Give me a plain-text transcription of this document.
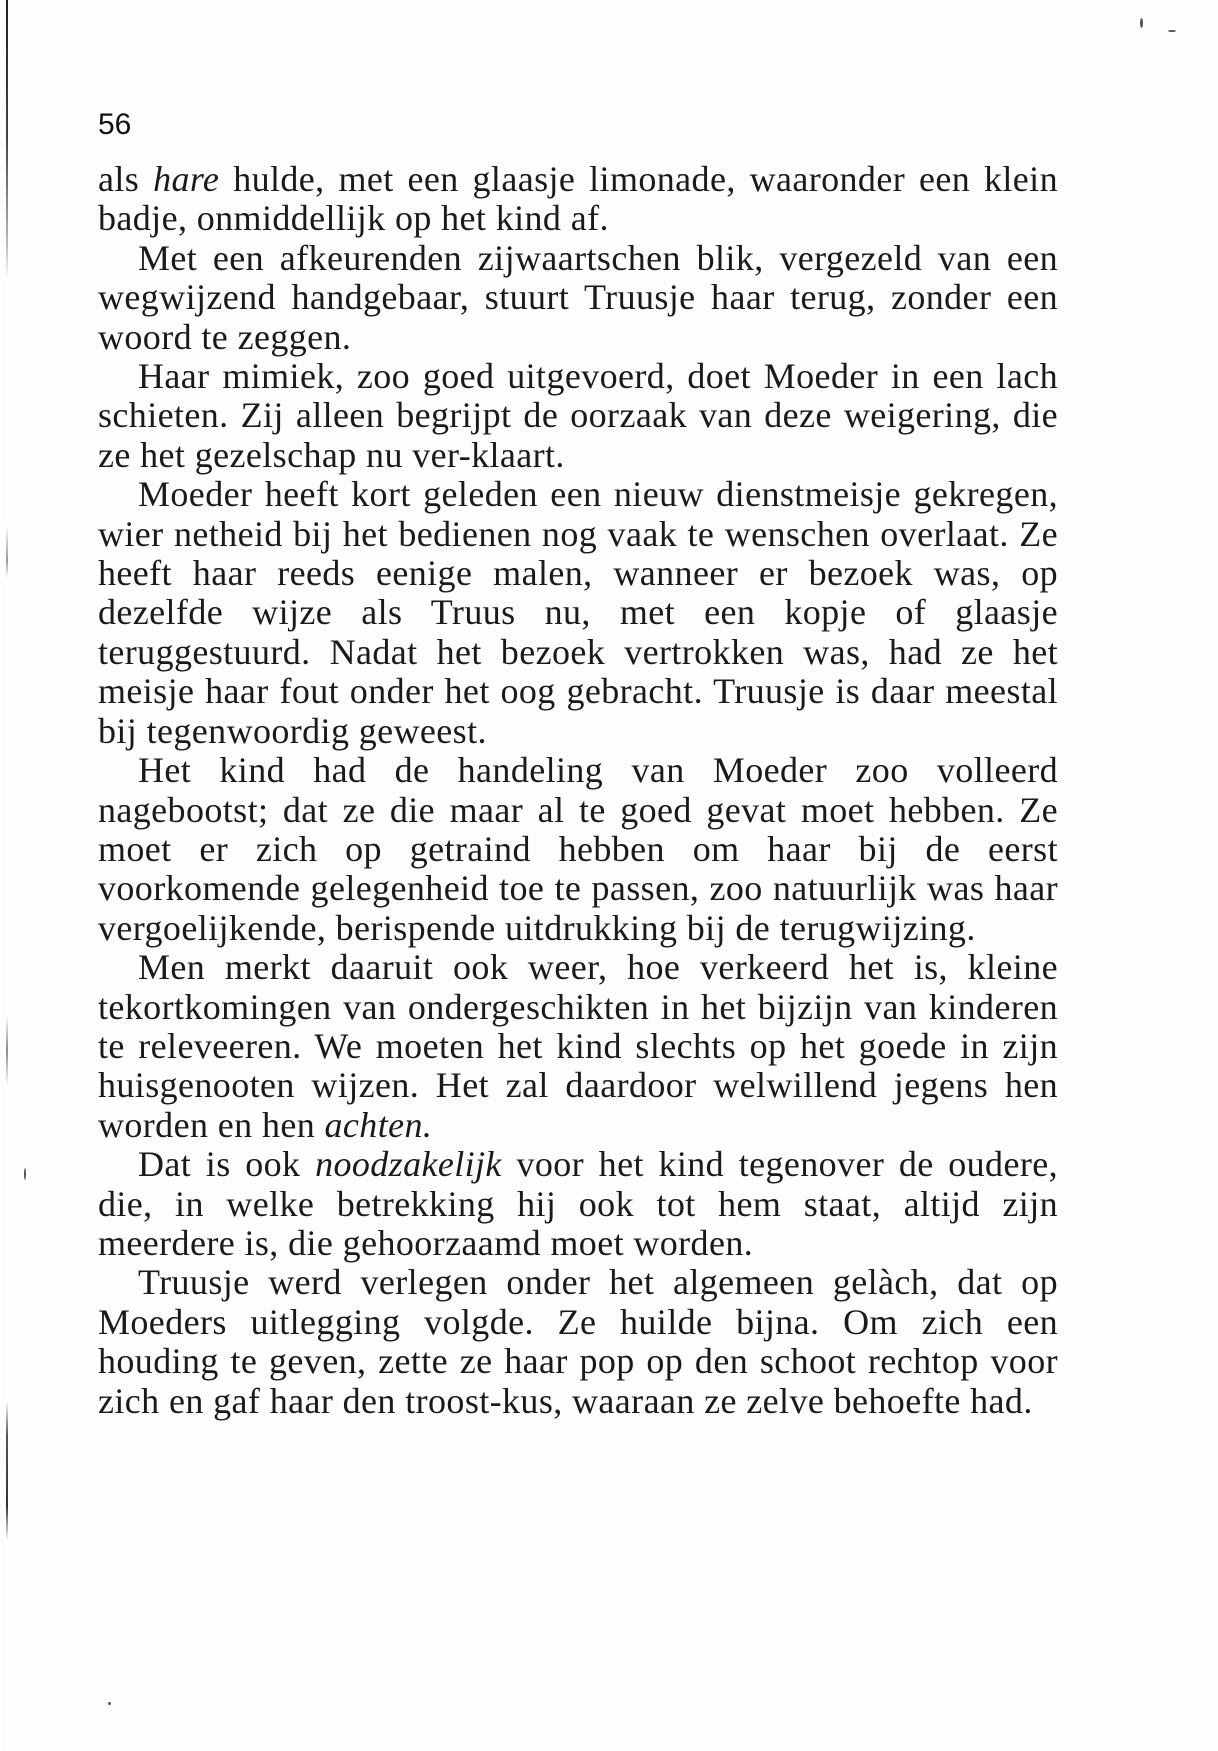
56

als hare hulde, met een glaasje limonade, waaronder een klein badje, onmiddellijk op het kind af.

Met een afkeurenden zijwaartschen blik, vergezeld van een wegwijzend handgebaar, stuurt Truusje haar terug, zonder een woord te zeggen.

Haar mimiek, zoo goed uitgevoerd, doet Moeder in een lach schieten. Zij alleen begrijpt de oorzaak van deze weigering, die ze het gezelschap nu ver-klaart.

Moeder heeft kort geleden een nieuw dienstmeisje gekregen, wier netheid bij het bedienen nog vaak te wenschen overlaat. Ze heeft haar reeds eenige malen, wanneer er bezoek was, op dezelfde wijze als Truus nu, met een kopje of glaasje teruggestuurd. Nadat het bezoek vertrokken was, had ze het meisje haar fout onder het oog gebracht. Truusje is daar meestal bij tegenwoordig geweest.

Het kind had de handeling van Moeder zoo volleerd nagebootst; dat ze die maar al te goed gevat moet hebben. Ze moet er zich op getraind hebben om haar bij de eerst voorkomende gelegenheid toe te passen, zoo natuurlijk was haar vergoelijkende, berispende uitdrukking bij de terugwijzing.

Men merkt daaruit ook weer, hoe verkeerd het is, kleine tekortkomingen van ondergeschikten in het bijzijn van kinderen te releveeren. We moeten het kind slechts op het goede in zijn huisgenooten wijzen. Het zal daardoor welwillend jegens hen worden en hen achten.

Dat is ook noodzakelijk voor het kind tegenover de oudere, die, in welke betrekking hij ook tot hem staat, altijd zijn meerdere is, die gehoorzaamd moet worden.

Truusje werd verlegen onder het algemeen gelàch, dat op Moeders uitlegging volgde. Ze huilde bijna. Om zich een houding te geven, zette ze haar pop op den schoot rechtop voor zich en gaf haar den troost-kus, waaraan ze zelve behoefte had.
